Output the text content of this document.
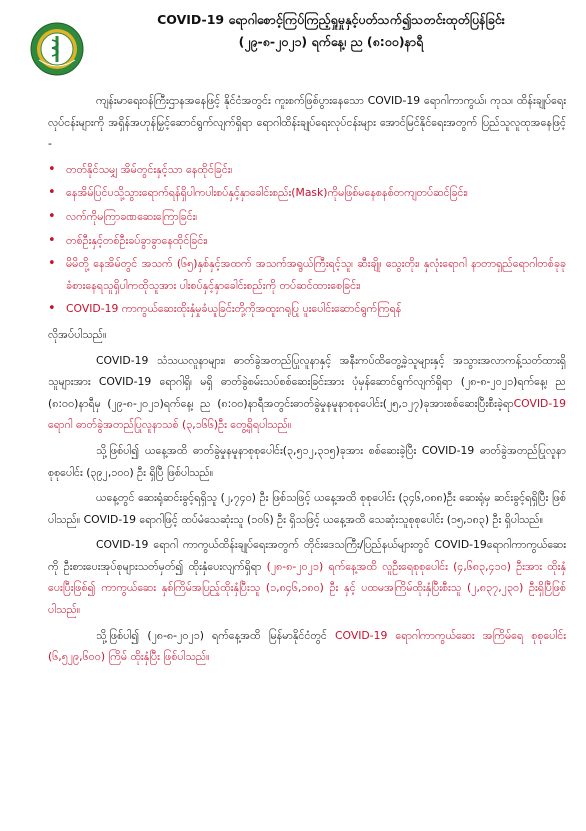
COVID-19 ရောဂါစောင့်ကြပ်ကြည့်ရှုမှုနှင့်ပတ်သက်၍သတင်းထုတ်ပြန်ခြင်း
(၂၉-၈-၂၀၂၁) ရက်နေ့၊ ည (၈:၀၀)နာရီ

ကျန်းမာရေးဝန်ကြီးဌာနအနေဖြင့် နိုင်ငံအတွင်း ကူးစက်ဖြစ်ပွားနေသော COVID-19 ရောဂါကာကွယ်၊ ကုသ၊ ထိန်းချုပ်ရေးလုပ်ငန်းများကို အရှိန်အဟုန်မြှင့်ဆောင်ရွက်လျက်ရှိရာ ရောဂါထိန်းချုပ်ရေးလုပ်ငန်းများ အောင်မြင်နိုင်ရေးအတွက် ပြည်သူလူထုအနေဖြင့် -

• တတ်နိုင်သမျှ အိမ်တွင်းနှင့်သာ နေထိုင်ခြင်း၊
• နေအိမ်ပြင်ပသို့သွားရောက်ရန်ရှိပါကပါးစပ်နှင့်နှာခေါင်းစည်း(Mask)ကိုမဖြစ်မနေစနစ်တကျတပ်ဆင်ခြင်း၊
• လက်ကိုမကြာခဏဆေးကြောခြင်း၊
• တစ်ဦးနှင့်တစ်ဦးခပ်ခွာခွာနေထိုင်ခြင်း၊
• မိမိတို့ နေအိမ်တွင် အသက် (၆၅)နှစ်နှင့်အထက် အသက်အရွယ်ကြီးရင့်သူ၊ ဆီးချို၊ သွေးတိုး၊ နှလုံးရောဂါ နာတာရှည်ရောဂါတစ်ခုခုခံစားနေရသူရှိပါကထိုသူအား ပါးစပ်နှင့်နှာခေါင်းစည်းကို တပ်ဆင်ထားစေခြင်း၊
• COVID-19 ကာကွယ်ဆေးထိုးနှံမှုခံယူခြင်းတို့ကိုအထူးဂရုပြု ပူးပေါင်းဆောင်ရွက်ကြရန်

လိုအပ်ပါသည်။

COVID-19 သံသယလူနာများ၊ ဓာတ်ခွဲအတည်ပြုလူနာနှင့် အနီးကပ်ထိတွေ့ခဲ့သူများနှင့် အသွားအလာကန့်သတ်ထားရှိသူများအား COVID-19 ရောဂါရှိ၊ မရှိ ဓာတ်ခွဲစမ်းသပ်စစ်ဆေးခြင်းအား ပုံမှန်ဆောင်ရွက်လျက်ရှိရာ (၂၈-၈-၂၀၂၁)ရက်နေ့၊ ည (၈:၀၀)နာရီမှ (၂၉-၈-၂၀၂၁)ရက်နေ့၊ ည (၈:၀၀)နာရီအတွင်းဓာတ်ခွဲမှုနမူနာစုစုပေါင်း(၂၅,၁၂၇)ခုအားစစ်ဆေးပြီးစီးခဲ့ရာCOVID-19 ရောဂါ ဓာတ်ခွဲအတည်ပြုလူနာသစ် (၃,၁၆၆)ဦး တွေ့ရှိရပါသည်။

သို့ဖြစ်ပါ၍ ယနေ့အထိ ဓာတ်ခွဲမှုနမူနာစုစုပေါင်း(၃,၅၁၂,၃၁၅)ခုအား စစ်ဆေးခဲ့ပြီး COVID-19 ဓာတ်ခွဲအတည်ပြုလူနာ စုစုပေါင်း (၃၉၂,၁၀၀) ဦး ရှိပြီ ဖြစ်ပါသည်။

ယနေ့တွင် ဆေးရုံဆင်းခွင့်ရရှိသူ (၂,၇၄၀) ဦး ဖြစ်သဖြင့် ယနေ့အထိ စုစုပေါင်း (၃၄၆,၀၈၈)ဦး ဆေးရုံမှ ဆင်းခွင့်ရရှိပြီး ဖြစ်ပါသည်။ COVID-19 ရောဂါဖြင့် ထပ်မံသေဆုံးသူ (၁၀၆) ဦး ရှိသဖြင့် ယနေ့အထိ သေဆုံးသူစုစုပေါင်း (၁၅,၁၈၃) ဦး ရှိပါသည်။

COVID-19 ရောဂါ ကာကွယ်ထိန်းချုပ်ရေးအတွက် တိုင်းဒေသကြီး/ပြည်နယ်များတွင် COVID-19ရောဂါကာကွယ်ဆေးကို ဦးစားပေးအုပ်စုများသတ်မှတ်၍ ထိုးနှံပေးလျက်ရှိရာ (၂၈-၈-၂၀၂၁) ရက်နေ့အထိ လူဦးရေစုစုပေါင်း (၄,၆၈၃,၄၁၀) ဦးအား ထိုးနှံပေးပြီးဖြစ်၍ ကာကွယ်ဆေး နှစ်ကြိမ်အပြည့်ထိုးနှံပြီးသူ (၁,၈၄၆,၁၈၀) ဦး နှင့် ပထမအကြိမ်ထိုးနှံပြီးစီးသူ (၂,၈၃၇,၂၃၀) ဦးရှိပြီဖြစ်ပါသည်။

သို့ဖြစ်ပါ၍ (၂၈-၈-၂၀၂၁) ရက်နေ့အထိ မြန်မာနိုင်ငံတွင် COVID-19 ရောဂါကာကွယ်ဆေး အကြိမ်ရေ စုစုပေါင်း (၆,၅၂၉,၆၀၀) ကြိမ် ထိုးနှံပြီး ဖြစ်ပါသည်။
